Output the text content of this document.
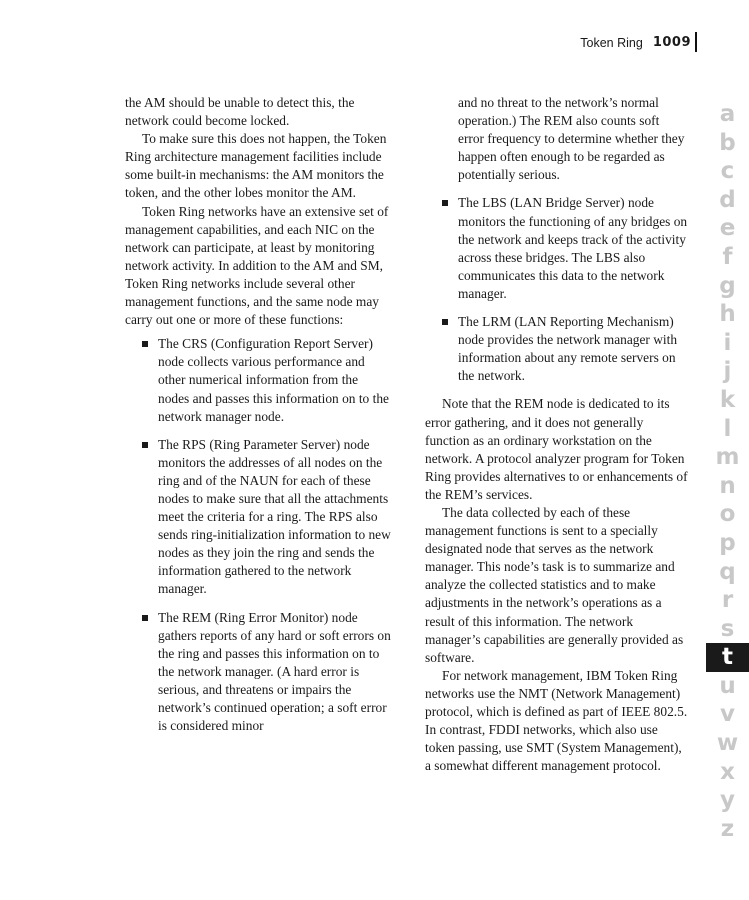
Token Ring 1009

the AM should be unable to detect this, the network could become locked.

To make sure this does not happen, the Token Ring architecture management facilities include some built-in mechanisms: the AM monitors the token, and the other lobes monitor the AM.

Token Ring networks have an extensive set of management capabilities, and each NIC on the network can participate, at least by monitoring network activity. In addition to the AM and SM, Token Ring networks include several other management functions, and the same node may carry out one or more of these functions:

The CRS (Configuration Report Server) node collects various performance and other numerical information from the nodes and passes this information on to the network manager node.
The RPS (Ring Parameter Server) node monitors the addresses of all nodes on the ring and of the NAUN for each of these nodes to make sure that all the attachments meet the criteria for a ring. The RPS also sends ring-initialization information to new nodes as they join the ring and sends the information gathered to the network manager.
The REM (Ring Error Monitor) node gathers reports of any hard or soft errors on the ring and passes this information on to the network manager. (A hard error is serious, and threatens or impairs the network’s continued operation; a soft error is considered minor
and no threat to the network’s normal operation.) The REM also counts soft error frequency to determine whether they happen often enough to be regarded as potentially serious.
The LBS (LAN Bridge Server) node monitors the functioning of any bridges on the network and keeps track of the activity across these bridges. The LBS also communicates this data to the network manager.
The LRM (LAN Reporting Mechanism) node provides the network manager with information about any remote servers on the network.

Note that the REM node is dedicated to its error gathering, and it does not generally function as an ordinary workstation on the network. A protocol analyzer program for Token Ring provides alternatives to or enhancements of the REM’s services.

The data collected by each of these management functions is sent to a specially designated node that serves as the network manager. This node’s task is to summarize and analyze the collected statistics and to make adjustments in the network’s operations as a result of this information. The network manager’s capabilities are generally provided as software.

For network management, IBM Token Ring networks use the NMT (Network Management) protocol, which is defined as part of IEEE 802.5. In contrast, FDDI networks, which also use token passing, use SMT (System Management), a somewhat different management protocol.

a
b
c
d
e
f
g
h
i
j
k
l
m
n
o
p
q
r
s
t
u
v
w
x
y
z
